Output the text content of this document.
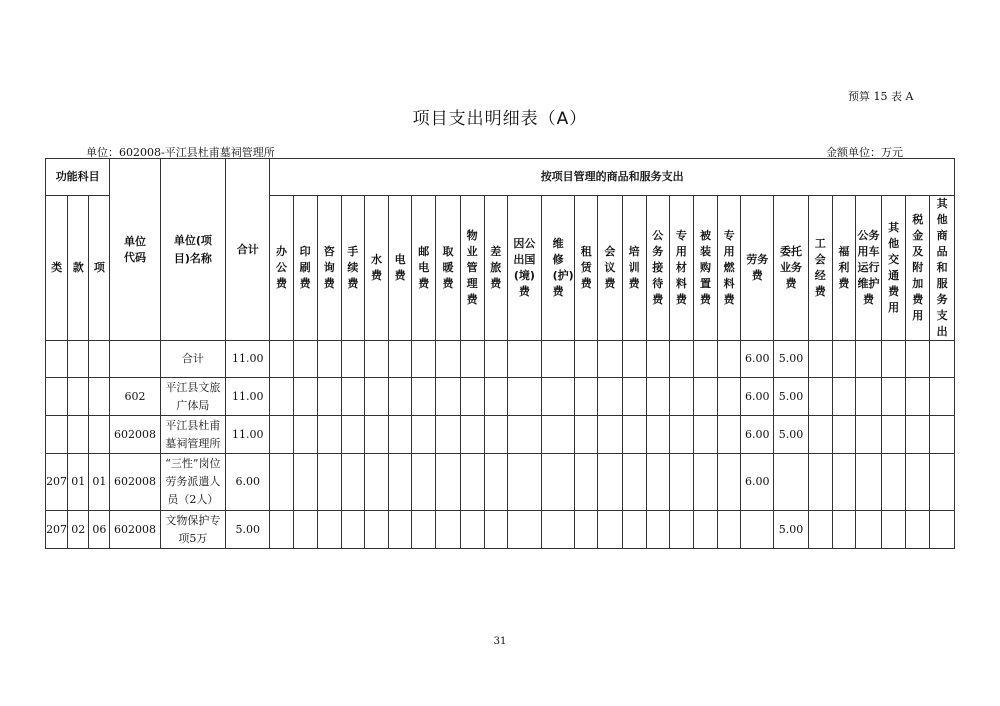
预算 15 表 A
项目支出明细表（A）
单位：602008-平江县杜甫墓祠管理所	金额单位：万元
功能科目			单位代码	单位(项目)名称	合计	按项目管理的商品和服务支出																										
类	款	项				办公费	印刷费	咨询费	手续费	水费	电费	邮电费	取暖费	物业管理费	差旅费	因公出国(境)费	维修(护)费	租赁费	会议费	培训费	公务接待费	专用材料费	被装购置费	专用燃料费	劳务费	委托业务费	工会经费	福利费	公务用车运行维护费	其他交通费用	税金及附加费用	其他商品和服务支出
				合计	11.00																				6.00	5.00						
			602	平江县文旅广体局	11.00																				6.00	5.00						
			602008	平江县杜甫墓祠管理所	11.00																				6.00	5.00						
207	01	01	602008	“三性”岗位劳务派遣人员（2人）	6.00																				6.00							
207	02	06	602008	文物保护专项5万	5.00																					5.00						
31
